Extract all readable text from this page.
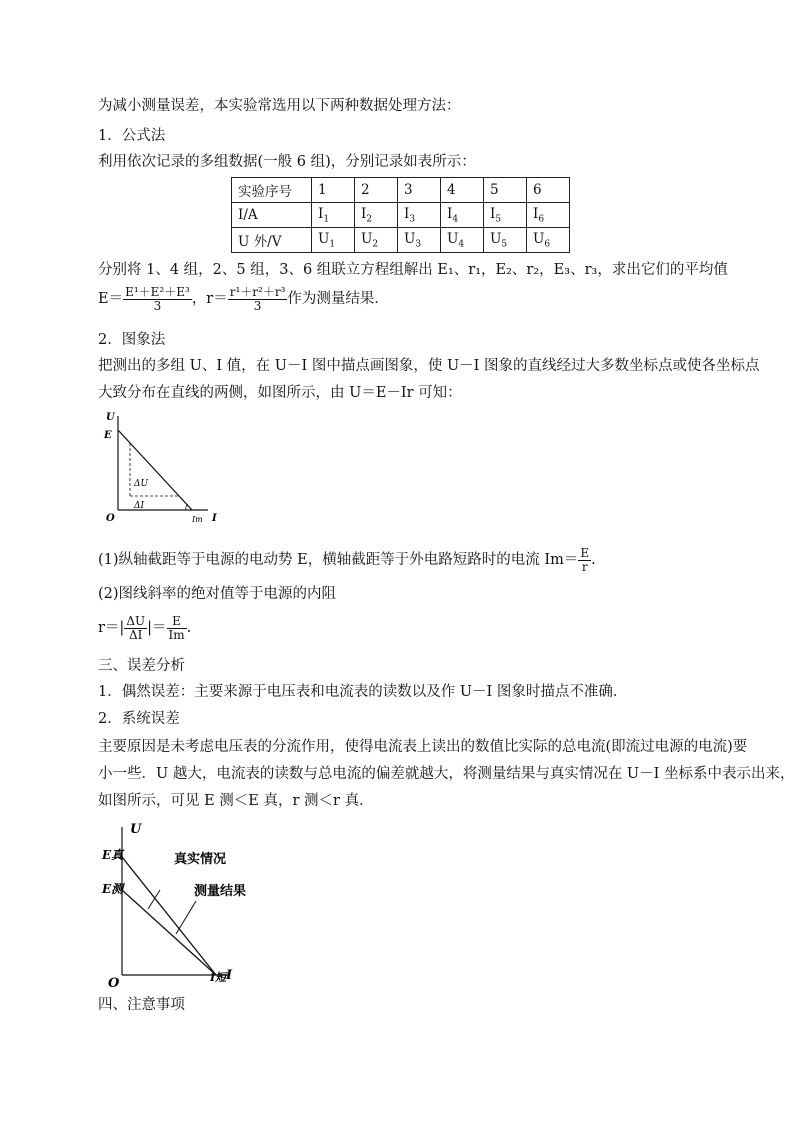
为减小测量误差，本实验常选用以下两种数据处理方法：
1．公式法
利用依次记录的多组数据(一般 6 组)，分别记录如表所示：
实验序号	1	2	3	4	5	6
I/A	$I_1$	$I_2$	$I_3$	$I_4$	$I_5$	$I_6$
U 外/V	$U_1$	$U_2$	$U_3$	$U_4$	$U_5$	$U_6$
分别将 1、4 组，2、5 组，3、6 组联立方程组解出 E₁、r₁，E₂、r₂，E₃、r₃，求出它们的平均值
$E= \frac{\text{E¹＋E²＋E³}}{3}$ ，$r= \frac{\text{r¹＋r²＋r³}}{3}$ 作为测量结果．
2．图象法
把测出的多组 U、I 值，在 U－I 图中描点画图象，使 U－I 图象的直线经过大多数坐标点或使各坐标点
大致分布在直线的两侧，如图所示，由 U＝E－Ir 可知：
U
E
O	I
ΔU
ΔI
Im
(1)纵轴截距等于电源的电动势 E，横轴截距等于外电路短路时的电流 $Im= \frac{E}{r}$ .
(2)图线斜率的绝对值等于电源的内阻
$r=| \frac{\Delta U}{\Delta I}$ |＝ $\frac{E}{Im}$ .
三、误差分析
1．偶然误差：主要来源于电压表和电流表的读数以及作 U－I 图象时描点不准确．
2．系统误差
主要原因是未考虑电压表的分流作用，使得电流表上读出的数值比实际的总电流(即流过电源的电流)要
小一些．U 越大，电流表的读数与总电流的偏差就越大，将测量结果与真实情况在 U－I 坐标系中表示出来，
如图所示，可见 E 测＜E 真，r 测＜r 真．
U
E真
E测
O
I
I短
真实情况
测量结果
四、注意事项
